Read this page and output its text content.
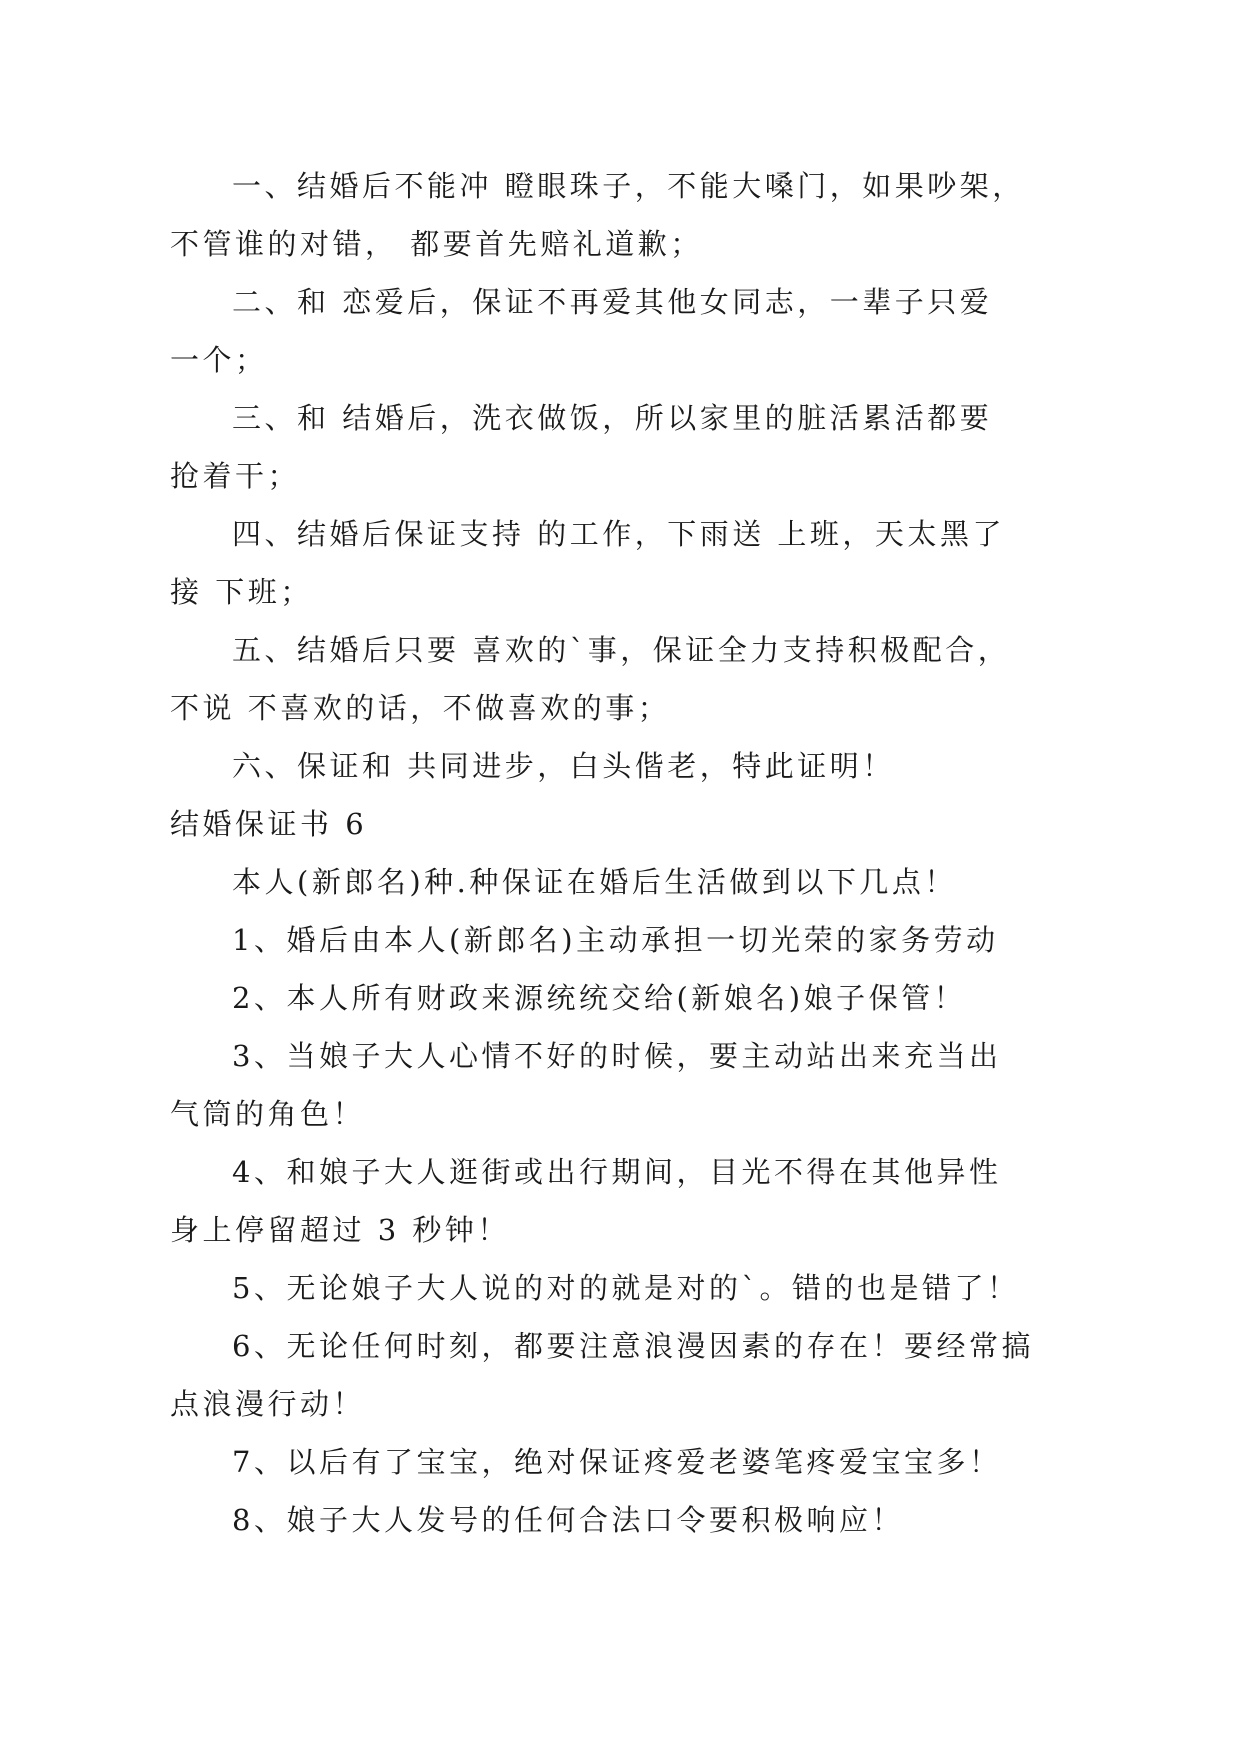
一、结婚后不能冲 瞪眼珠子，不能大嗓门，如果吵架，

不管谁的对错， 都要首先赔礼道歉；

二、和 恋爱后，保证不再爱其他女同志，一辈子只爱

一个；

三、和 结婚后，洗衣做饭，所以家里的脏活累活都要

抢着干；

四、结婚后保证支持 的工作，下雨送 上班，天太黑了

接 下班；

五、结婚后只要 喜欢的`事，保证全力支持积极配合，

不说 不喜欢的话，不做喜欢的事；

六、保证和 共同进步，白头偕老，特此证明！

结婚保证书 6

本人(新郎名)种.种保证在婚后生活做到以下几点！

1、婚后由本人(新郎名)主动承担一切光荣的家务劳动

2、本人所有财政来源统统交给(新娘名)娘子保管！

3、当娘子大人心情不好的时候，要主动站出来充当出

气筒的角色！

4、和娘子大人逛街或出行期间，目光不得在其他异性

身上停留超过 3 秒钟！

5、无论娘子大人说的对的就是对的`。错的也是错了！

6、无论任何时刻，都要注意浪漫因素的存在！要经常搞

点浪漫行动！

7、以后有了宝宝，绝对保证疼爱老婆笔疼爱宝宝多！

8、娘子大人发号的任何合法口令要积极响应！
